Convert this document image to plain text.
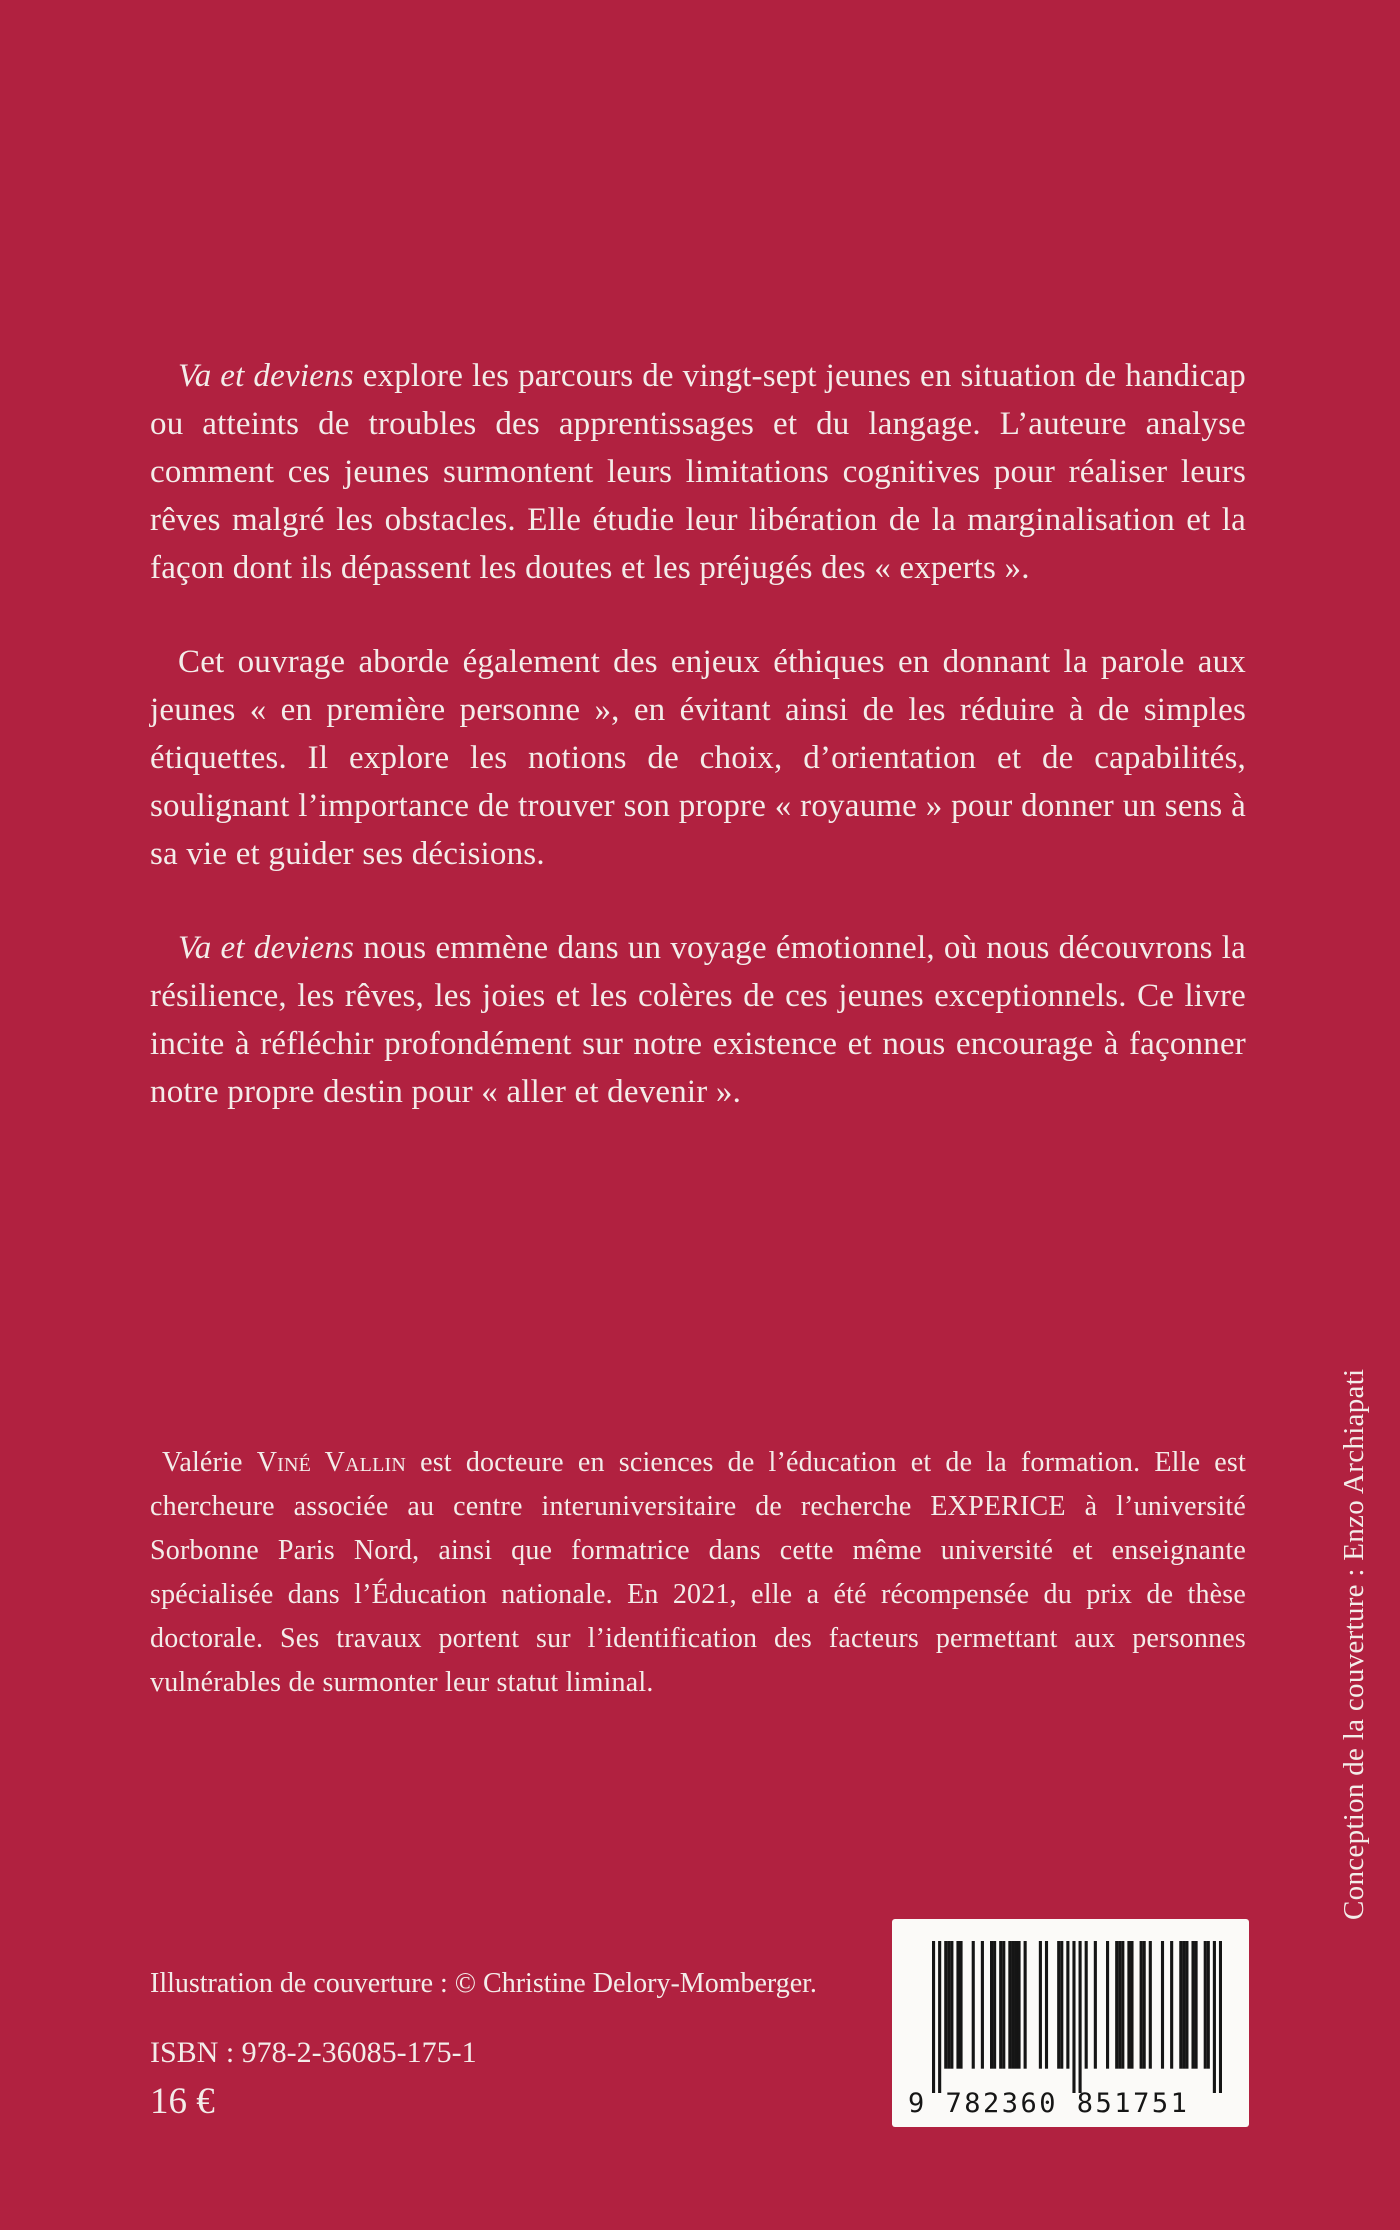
Va et deviens explore les parcours de vingt-sept jeunes en situation de handicap ou atteints de troubles des apprentissages et du langage. L’auteure analyse comment ces jeunes surmontent leurs limitations cognitives pour réaliser leurs rêves malgré les obstacles. Elle étudie leur libération de la marginalisation et la façon dont ils dépassent les doutes et les préjugés des « experts ».

Cet ouvrage aborde également des enjeux éthiques en donnant la parole aux jeunes « en première personne », en évitant ainsi de les réduire à de simples étiquettes. Il explore les notions de choix, d’orientation et de capabilités, soulignant l’importance de trouver son propre « royaume » pour donner un sens à sa vie et guider ses décisions.

Va et deviens nous emmène dans un voyage émotionnel, où nous découvrons la résilience, les rêves, les joies et les colères de ces jeunes exceptionnels. Ce livre incite à réfléchir profondément sur notre existence et nous encourage à façonner notre propre destin pour « aller et devenir ».

Valérie Viné Vallin est docteure en sciences de l’éducation et de la formation. Elle est chercheure associée au centre interuniversitaire de recherche EXPERICE à l’université Sorbonne Paris Nord, ainsi que formatrice dans cette même université et enseignante spécialisée dans l’Éducation nationale. En 2021, elle a été récompensée du prix de thèse doctorale. Ses travaux portent sur l’identification des facteurs permettant aux personnes vulnérables de surmonter leur statut liminal.
Illustration de couverture : © Christine Delory-Momberger.
ISBN : 978-2-36085-175-1
16 €
Conception de la couverture : Enzo Archiapati
9 782360 851751
